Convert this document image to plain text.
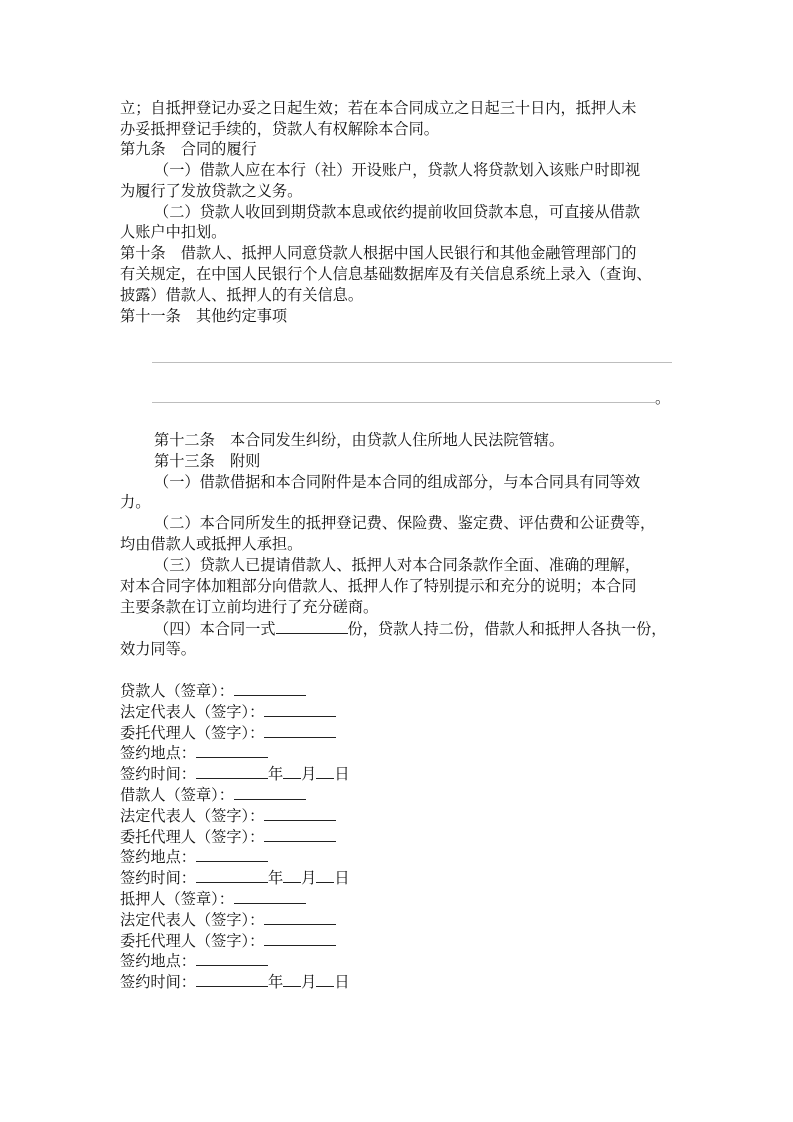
立；自抵押登记办妥之日起生效；若在本合同成立之日起三十日内，抵押人未
办妥抵押登记手续的，贷款人有权解除本合同。
第九条　合同的履行
（一）借款人应在本行（社）开设账户，贷款人将贷款划入该账户时即视
为履行了发放贷款之义务。
（二）贷款人收回到期贷款本息或依约提前收回贷款本息，可直接从借款
人账户中扣划。
第十条　借款人、抵押人同意贷款人根据中国人民银行和其他金融管理部门的
有关规定，在中国人民银行个人信息基础数据库及有关信息系统上录入（查询、
披露）借款人、抵押人的有关信息。
第十一条　其他约定事项
。
第十二条　本合同发生纠纷，由贷款人住所地人民法院管辖。
第十三条　附则
（一）借款借据和本合同附件是本合同的组成部分，与本合同具有同等效
力。
（二）本合同所发生的抵押登记费、保险费、鉴定费、评估费和公证费等，
均由借款人或抵押人承担。
（三）贷款人已提请借款人、抵押人对本合同条款作全面、准确的理解，
对本合同字体加粗部分向借款人、抵押人作了特别提示和充分的说明；本合同
主要条款在订立前均进行了充分磋商。
（四）本合同一式	份，贷款人持二份，借款人和抵押人各执一份，
效力同等。
贷款人（签章）：
法定代表人（签字）：
委托代理人（签字）：
签约地点：
签约时间：	年 月 日
借款人（签章）：
法定代表人（签字）：
委托代理人（签字）：
签约地点：
签约时间：	年 月 日
抵押人（签章）：
法定代表人（签字）：
委托代理人（签字）：
签约地点：
签约时间：	年 月 日
